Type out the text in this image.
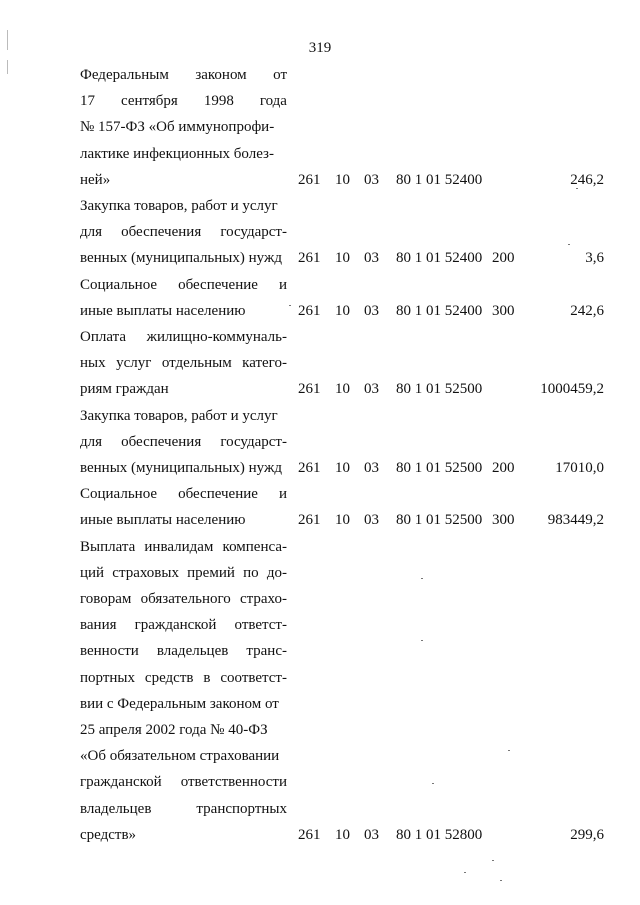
319
Федеральным законом от
17 сентября 1998 года
№ 157-ФЗ «Об иммунопрофи-
лактике инфекционных болез-
ней»	261 10 03 80 1 01 52400	246,2
Закупка товаров, работ и услуг
для обеспечения государст-
венных (муниципальных) нужд 261 10 03 80 1 01 52400 200	3,6
Социальное обеспечение и
иные выплаты населению	261 10 03 80 1 01 52400 300	242,6
Оплата жилищно-коммуналь-
ных услуг отдельным катего-
риям граждан	261 10 03 80 1 01 52500	1000459,2
Закупка товаров, работ и услуг
для обеспечения государст-
венных (муниципальных) нужд 261 10 03 80 1 01 52500 200	17010,0
Социальное обеспечение и
иные выплаты населению	261 10 03 80 1 01 52500 300	983449,2
Выплата инвалидам компенса-
ций страховых премий по до-
говорам обязательного страхо-
вания гражданской ответст-
венности владельцев транс-
портных средств в соответст-
вии с Федеральным законом от
25 апреля 2002 года № 40-ФЗ
«Об обязательном страховании
гражданской ответственности
владельцев	транспортных
средств»	261 10 03 80 1 01 52800	299,6
